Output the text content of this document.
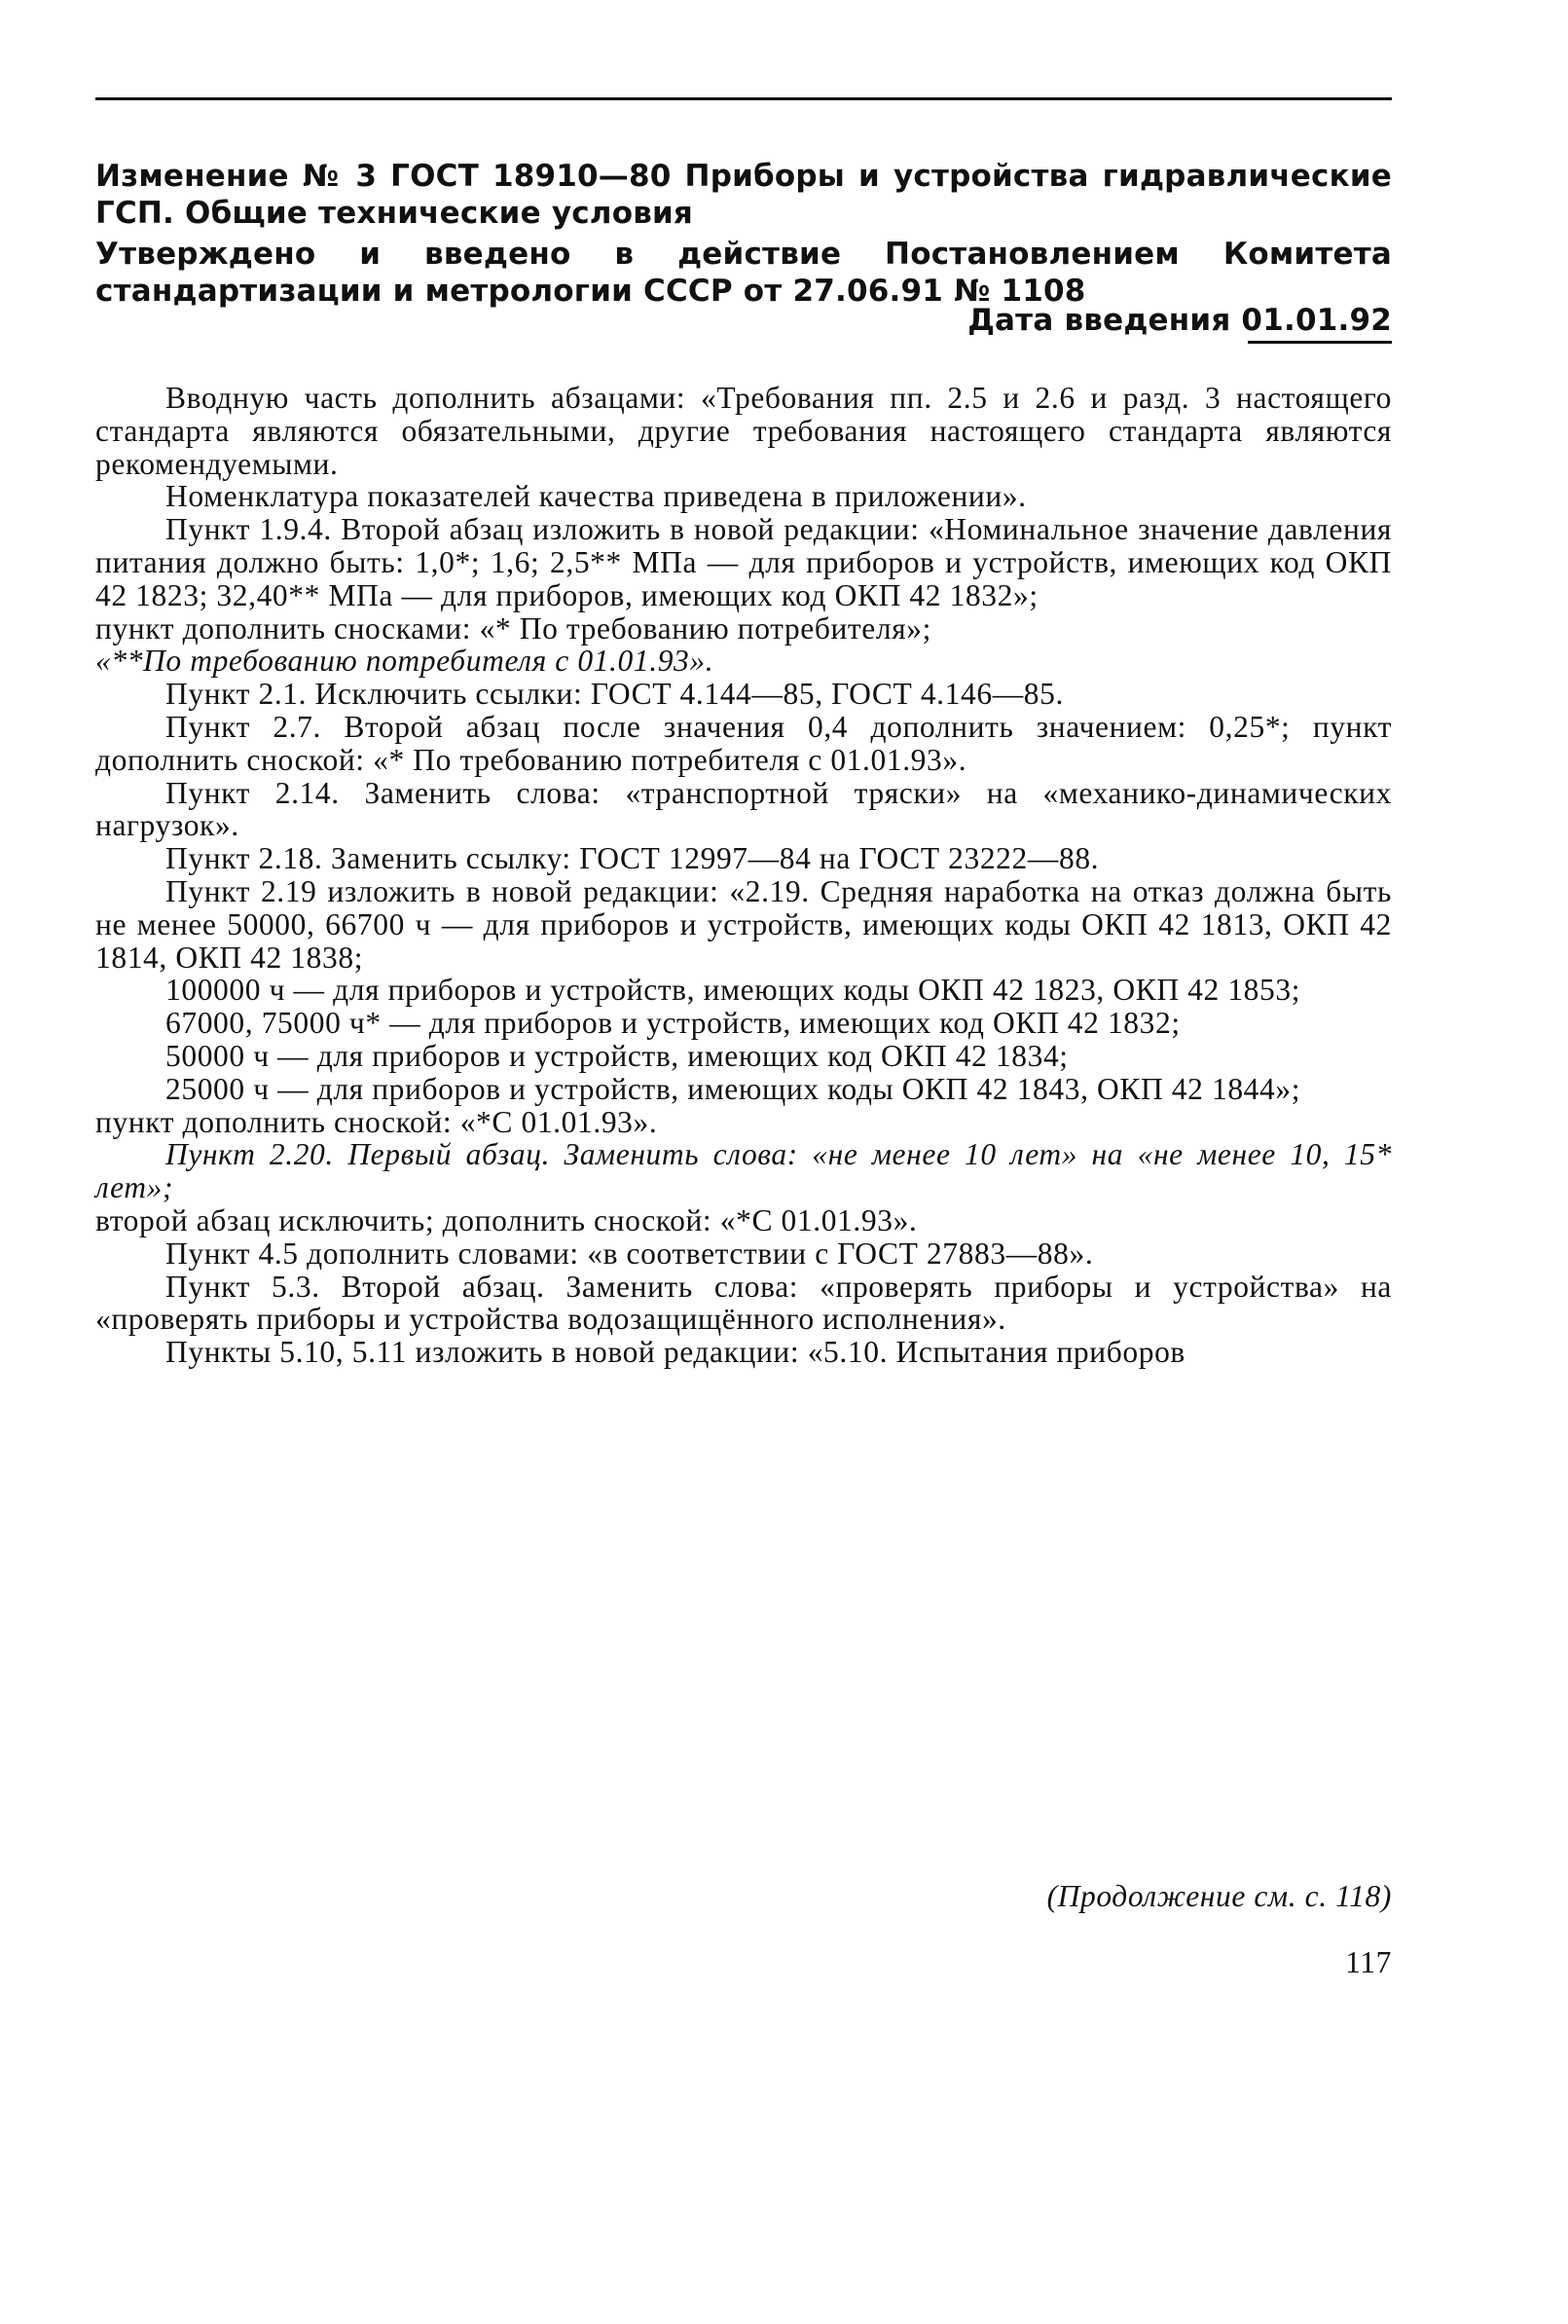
Изменение № 3 ГОСТ 18910—80 Приборы и устройства гидравлические ГСП. Общие технические условия
Утверждено и введено в действие Постановлением Комитета стандартизации и метрологии СССР от 27.06.91 № 1108
Дата введения 01.01.92

Вводную часть дополнить абзацами: «Требования пп. 2.5 и 2.6 и разд. 3 настоящего стандарта являются обязательными, другие требования настоящего стандарта являются рекомендуемыми.

Номенклатура показателей качества приведена в приложении».

Пункт 1.9.4. Второй абзац изложить в новой редакции: «Номинальное значение давления питания должно быть: 1,0*; 1,6; 2,5** МПа — для приборов и устройств, имеющих код ОКП 42 1823; 32,40** МПа — для приборов, имеющих код ОКП 42 1832»;

пункт дополнить сносками: «* По требованию потребителя»;

«**По требованию потребителя с 01.01.93».

Пункт 2.1. Исключить ссылки: ГОСТ 4.144—85, ГОСТ 4.146—85.

Пункт 2.7. Второй абзац после значения 0,4 дополнить значением: 0,25*; пункт дополнить сноской: «* По требованию потребителя с 01.01.93».

Пункт 2.14. Заменить слова: «транспортной тряски» на «механико-динамических нагрузок».

Пункт 2.18. Заменить ссылку: ГОСТ 12997—84 на ГОСТ 23222—88.

Пункт 2.19 изложить в новой редакции: «2.19. Средняя наработка на отказ должна быть не менее 50000, 66700 ч — для приборов и устройств, имеющих коды ОКП 42 1813, ОКП 42 1814, ОКП 42 1838;

100000 ч — для приборов и устройств, имеющих коды ОКП 42 1823, ОКП 42 1853;

67000, 75000 ч* — для приборов и устройств, имеющих код ОКП 42 1832;

50000 ч — для приборов и устройств, имеющих код ОКП 42 1834;

25000 ч — для приборов и устройств, имеющих коды ОКП 42 1843, ОКП 42 1844»;

пункт дополнить сноской: «*С 01.01.93».

Пункт 2.20. Первый абзац. Заменить слова: «не менее 10 лет» на «не менее 10, 15* лет»;

второй абзац исключить; дополнить сноской: «*С 01.01.93».

Пункт 4.5 дополнить словами: «в соответствии с ГОСТ 27883—88».

Пункт 5.3. Второй абзац. Заменить слова: «проверять приборы и устройства» на «проверять приборы и устройства водозащищённого исполнения».

Пункты 5.10, 5.11 изложить в новой редакции: «5.10. Испытания приборов

(Продолжение см. с. 118)
117
